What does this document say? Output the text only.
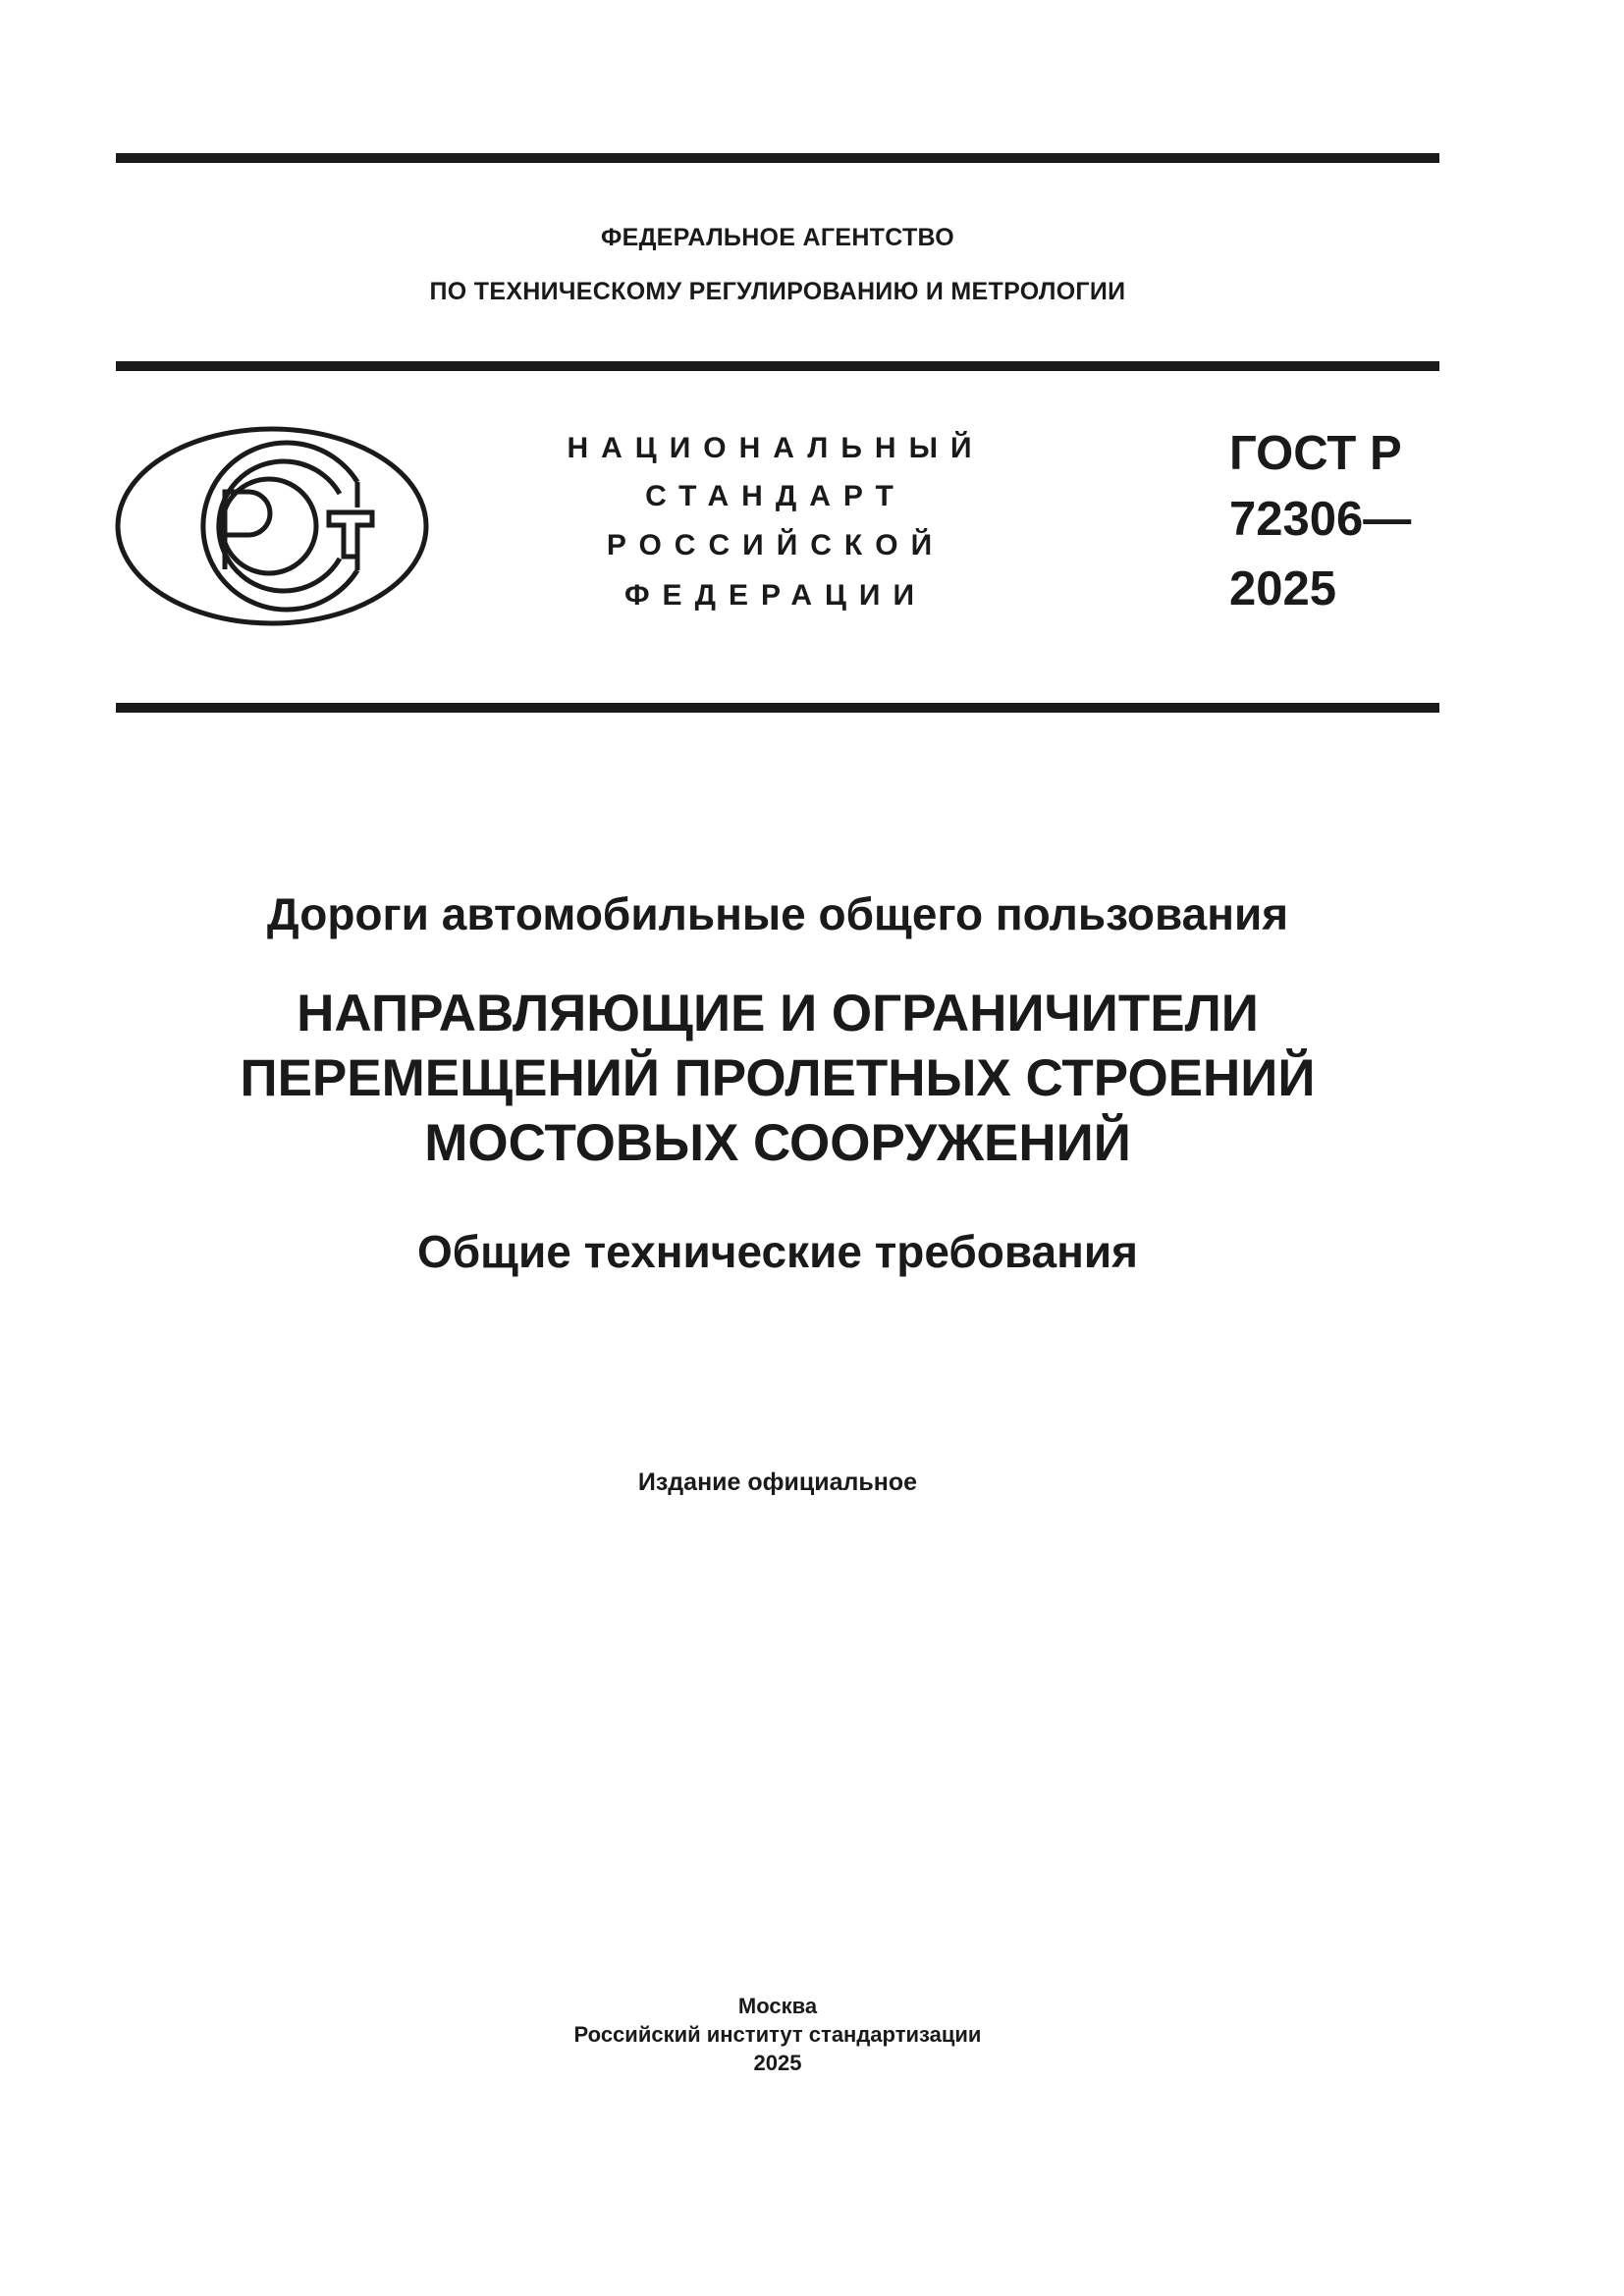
ФЕДЕРАЛЬНОЕ АГЕНТСТВО
ПО ТЕХНИЧЕСКОМУ РЕГУЛИРОВАНИЮ И МЕТРОЛОГИИ
НАЦИОНАЛЬНЫЙ
СТАНДАРТ
РОССИЙСКОЙ
ФЕДЕРАЦИИ
ГОСТ Р
72306—
2025
Дороги автомобильные общего пользования
НАПРАВЛЯЮЩИЕ И ОГРАНИЧИТЕЛИ
ПЕРЕМЕЩЕНИЙ ПРОЛЕТНЫХ СТРОЕНИЙ
МОСТОВЫХ СООРУЖЕНИЙ
Общие технические требования
Издание официальное
Москва
Российский институт стандартизации
2025
